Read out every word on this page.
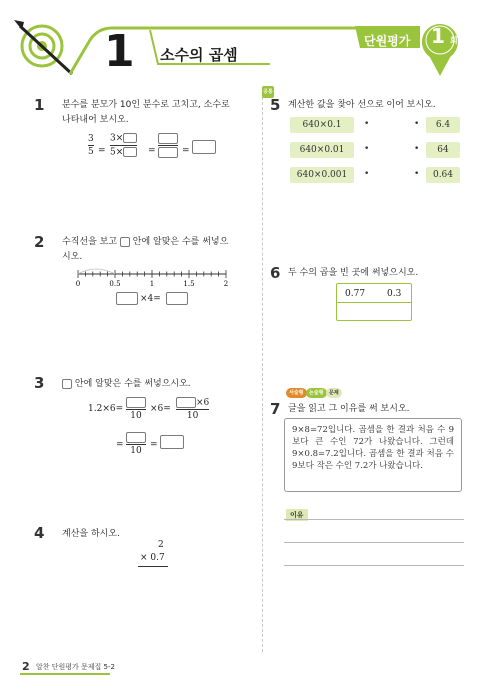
1 소수의 곱셈
단원평가 1 회
1 분수를 분모가 10인 분수로 고치고, 소수로
나타내어 보시오.
3
5 =
3×
5×	=	=
2 수직선을 보고 안에 알맞은 수를 써넣으
시오.
0	0.5	1	1.5	2
×4=
3	안에 알맞은 수를 써넣으시오.
1.2×6=
10
×6=
×6
10
=
10
=
4 계산을 하시오.
2
× 0.7
공통
5 계산한 값을 찾아 선으로 이어 보시오.
640×0.1
640×0.01
640×0.001
•
•
•
•
•
•
6.4
64
0.64
6 두 수의 곱을 빈 곳에 써넣으시오.
0.77 0.3
서술형	논술형	문제
7 글을 읽고 그 이유를 써 보시오.
9×8=72입니다. 곱셈을 한 결과 처음 수 9보다 큰 수인 72가 나왔습니다. 그런데 9×0.8=7.2입니다. 곱셈을 한 결과 처음 수 9보다 작은 수인 7.2가 나왔습니다.
이유
2 알찬 단원평가 문제집 5-2
